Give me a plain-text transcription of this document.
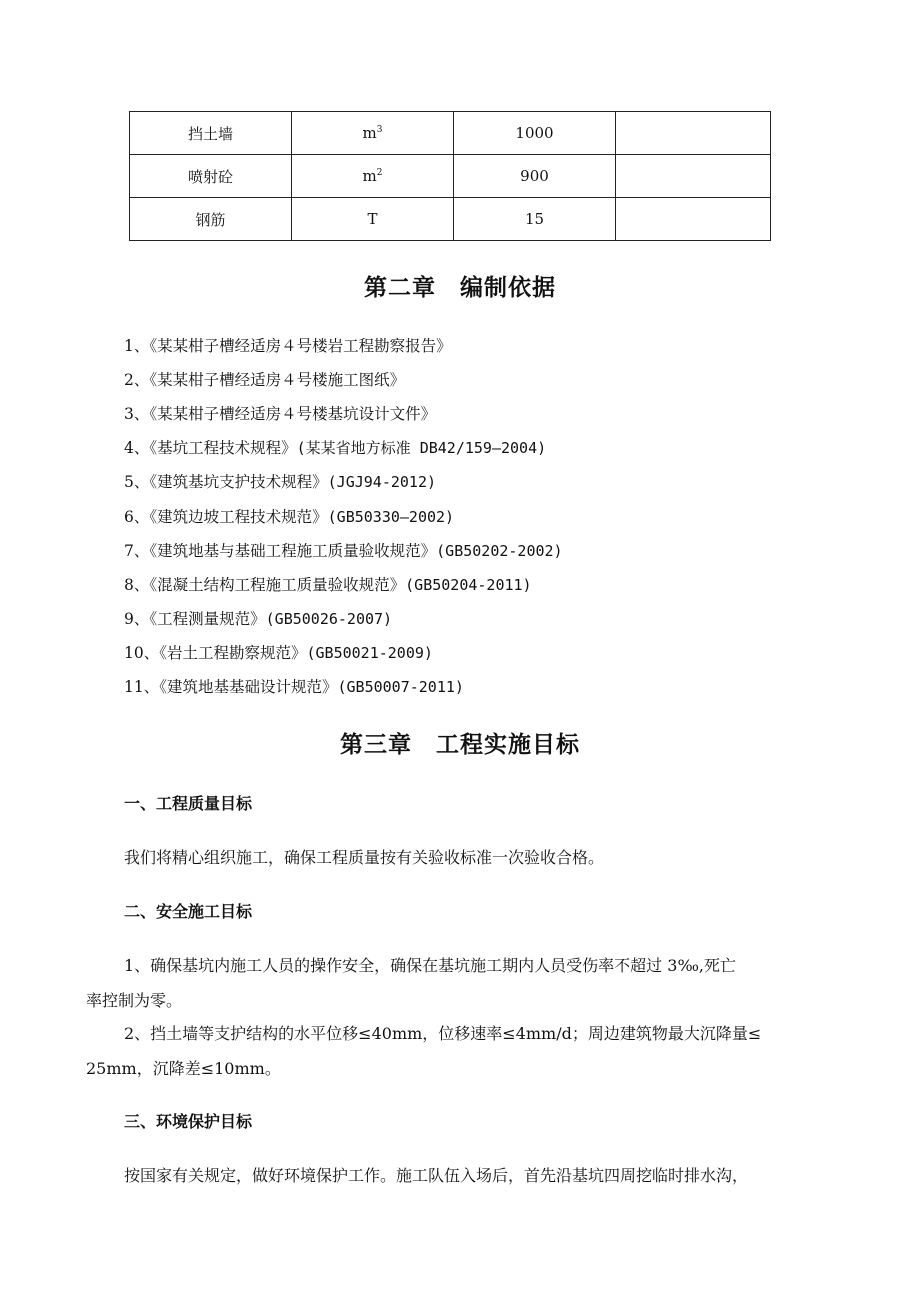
挡土墙	$m^3$	1000	
喷射砼	$m^2$	900	
钢筋	T	15	
第二章 编制依据
1、《某某柑子槽经适房４号楼岩工程勘察报告》
2、《某某柑子槽经适房４号楼施工图纸》
3、《某某柑子槽经适房４号楼基坑设计文件》
4、《基坑工程技术规程》(某某省地方标准 DB42/159—2004)
5、《建筑基坑支护技术规程》(JGJ94-2012)
6、《建筑边坡工程技术规范》(GB50330—2002)
7、《建筑地基与基础工程施工质量验收规范》(GB50202-2002)
8、《混凝土结构工程施工质量验收规范》(GB50204-2011)
9、《工程测量规范》(GB50026-2007)
10、《岩土工程勘察规范》(GB50021-2009)
11、《建筑地基基础设计规范》(GB50007-2011)
第三章 工程实施目标
一、工程质量目标
我们将精心组织施工，确保工程质量按有关验收标准一次验收合格。
二、安全施工目标
1、确保基坑内施工人员的操作安全，确保在基坑施工期内人员受伤率不超过 3‰,死亡
率控制为零。
2、挡土墙等支护结构的水平位移≤40mm，位移速率≤4mm/d；周边建筑物最大沉降量≤
25mm，沉降差≤10mm。
三、环境保护目标
按国家有关规定，做好环境保护工作。施工队伍入场后，首先沿基坑四周挖临时排水沟，
